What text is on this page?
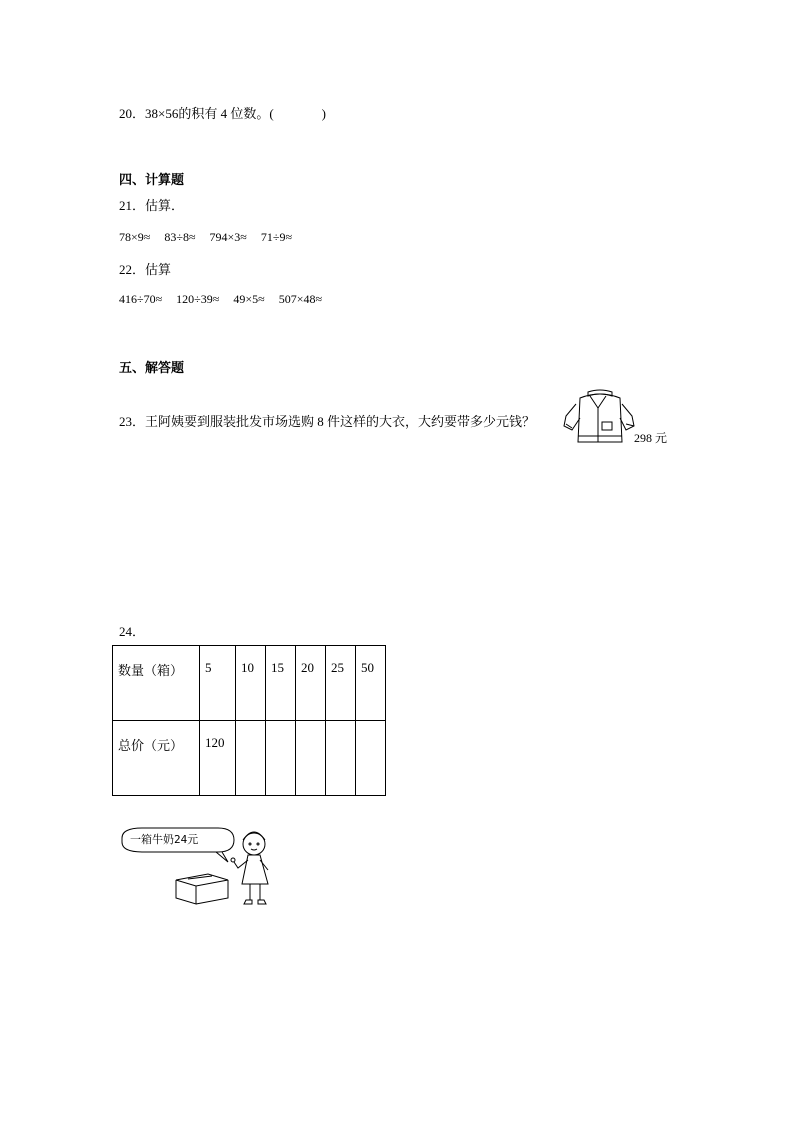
20．38×56的积有 4 位数。(	)
四、计算题
21．估算．
78×9≈ 83÷8≈ 794×3≈ 71÷9≈
22．估算
416÷70≈ 120÷39≈ 49×5≈ 507×48≈
五、解答题
23．王阿姨要到服装批发市场选购 8 件这样的大衣，大约要带多少元钱？
298 元
24．
数量（箱）	5	10	15	20	25	50

总价（元）	120					

一箱牛奶24元
